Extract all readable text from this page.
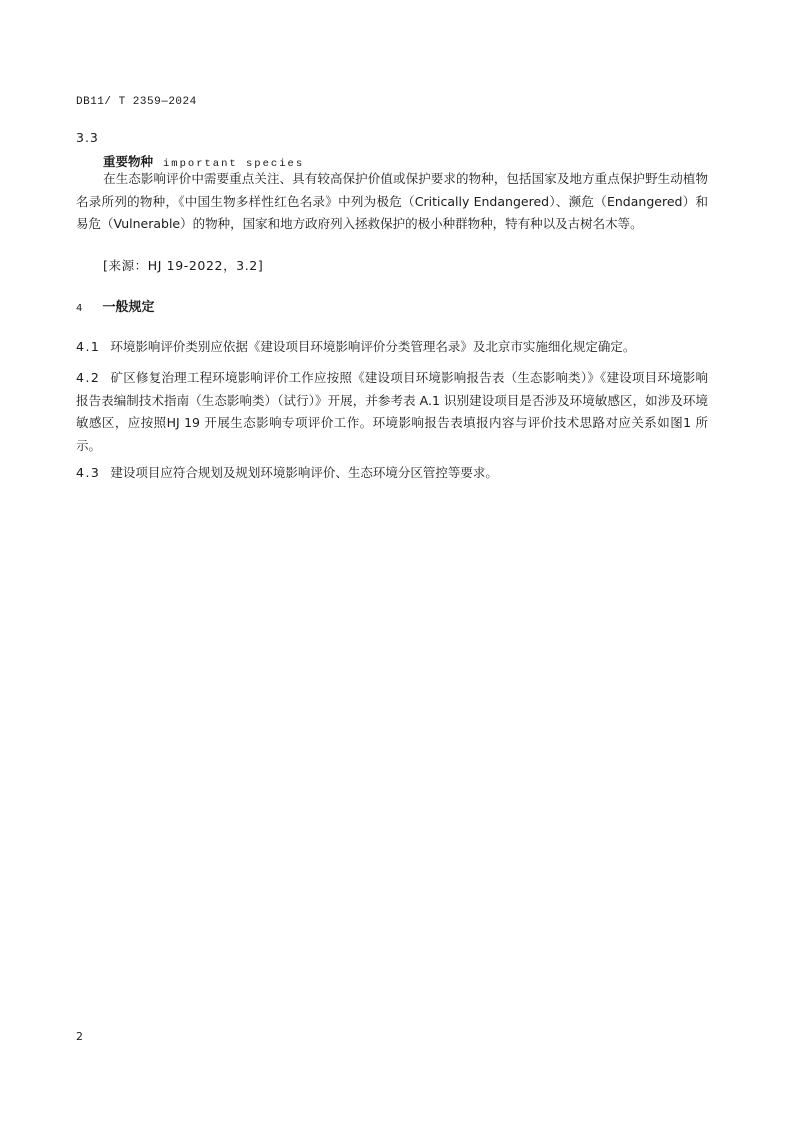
DB11/ T 2359—2024
3.3
重要物种 important species
在生态影响评价中需要重点关注、具有较高保护价值或保护要求的物种，包括国家及地方重点保护野生动植物名录所列的物种，《中国生物多样性红色名录》中列为极危（Critically Endangered）、濒危（Endangered）和易危（Vulnerable）的物种，国家和地方政府列入拯救保护的极小种群物种，特有种以及古树名木等。
[来源：HJ 19-2022，3.2]
4 一般规定
4.1 环境影响评价类别应依据《建设项目环境影响评价分类管理名录》及北京市实施细化规定确定。
4.2 矿区修复治理工程环境影响评价工作应按照《建设项目环境影响报告表（生态影响类）》《建设项目环境影响报告表编制技术指南（生态影响类）（试行）》开展，并参考表 A.1 识别建设项目是否涉及环境敏感区，如涉及环境敏感区，应按照HJ 19 开展生态影响专项评价工作。环境影响报告表填报内容与评价技术思路对应关系如图1 所示。
4.3 建设项目应符合规划及规划环境影响评价、生态环境分区管控等要求。
2
